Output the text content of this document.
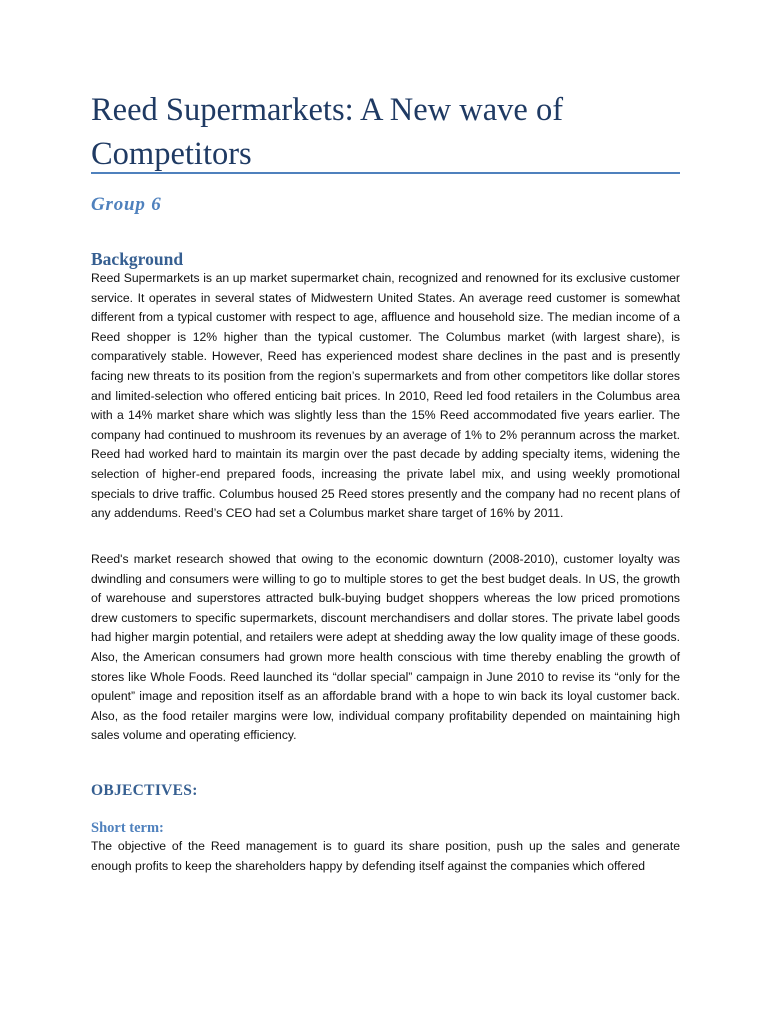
Reed Supermarkets: A New wave of Competitors
Group 6
Background

Reed Supermarkets is an up market supermarket chain, recognized and renowned for its exclusive customer service. It operates in several states of Midwestern United States. An average reed customer is somewhat different from a typical customer with respect to age, affluence and household size. The median income of a Reed shopper is 12% higher than the typical customer. The Columbus market (with largest share), is comparatively stable. However, Reed has experienced modest share declines in the past and is presently facing new threats to its position from the region’s supermarkets and from other competitors like dollar stores and limited-selection who offered enticing bait prices. In 2010, Reed led food retailers in the Columbus area with a 14% market share which was slightly less than the 15% Reed accommodated five years earlier. The company had continued to mushroom its revenues by an average of 1% to 2% perannum across the market. Reed had worked hard to maintain its margin over the past decade by adding specialty items, widening the selection of higher-end prepared foods, increasing the private label mix, and using weekly promotional specials to drive traffic. Columbus housed 25 Reed stores presently and the company had no recent plans of any addendums. Reed’s CEO had set a Columbus market share target of 16% by 2011.

Reed's market research showed that owing to the economic downturn (2008-2010), customer loyalty was dwindling and consumers were willing to go to multiple stores to get the best budget deals. In US, the growth of warehouse and superstores attracted bulk-buying budget shoppers whereas the low priced promotions drew customers to specific supermarkets, discount merchandisers and dollar stores. The private label goods had higher margin potential, and retailers were adept at shedding away the low quality image of these goods. Also, the American consumers had grown more health conscious with time thereby enabling the growth of stores like Whole Foods. Reed launched its “dollar special” campaign in June 2010 to revise its “only for the opulent” image and reposition itself as an affordable brand with a hope to win back its loyal customer back. Also, as the food retailer margins were low, individual company profitability depended on maintaining high sales volume and operating efficiency.

OBJECTIVES:
Short term:

The objective of the Reed management is to guard its share position, push up the sales and generate enough profits to keep the shareholders happy by defending itself against the companies which offered
